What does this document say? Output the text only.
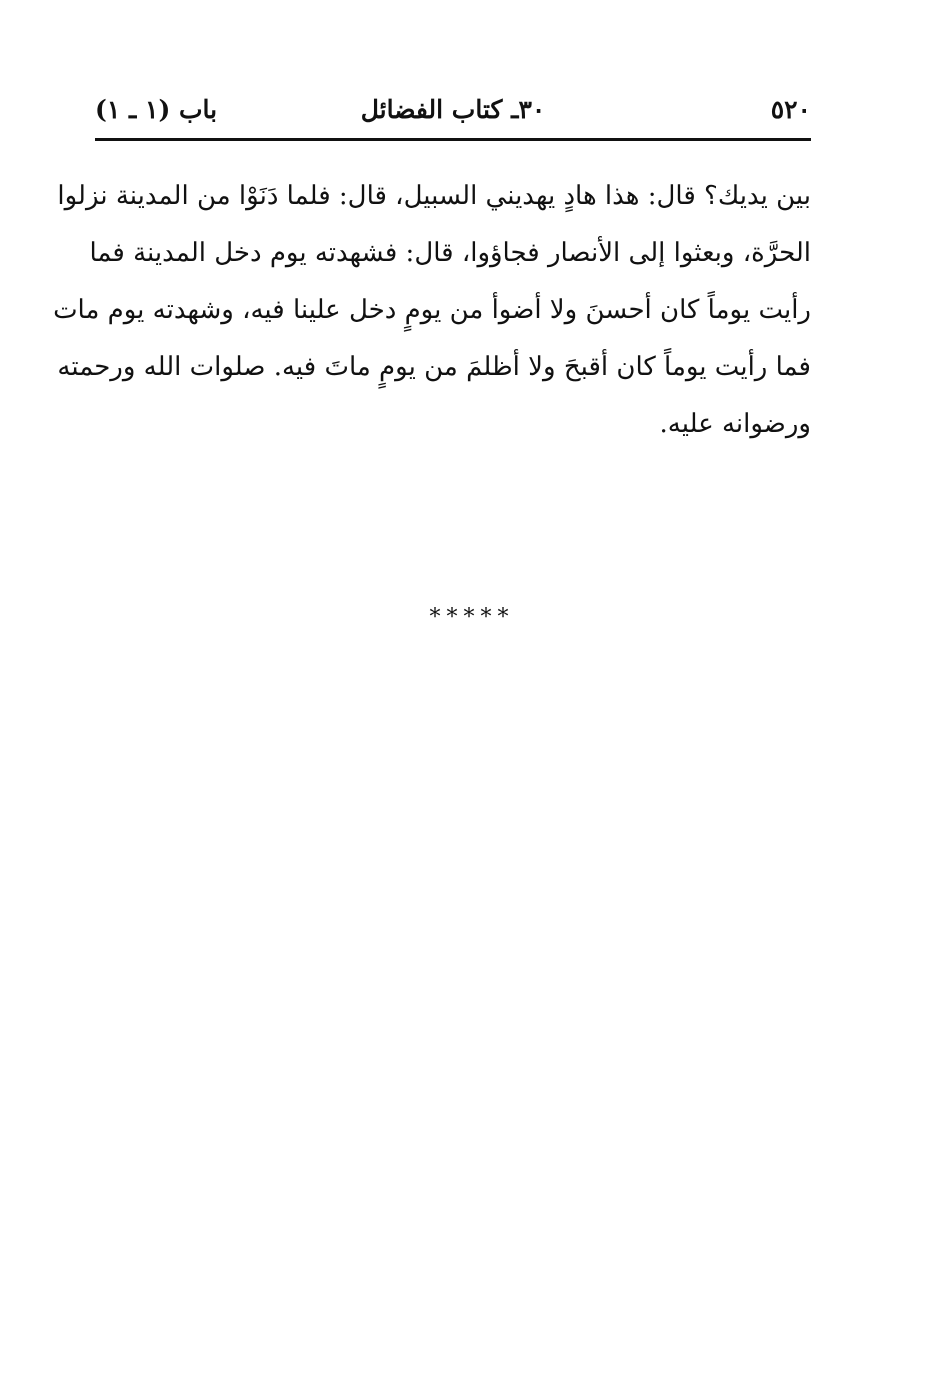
٥٢٠
٣٠ـ كتاب الفضائل
باب (١ ـ ١)
بين يديك؟ قال: هذا هادٍ يهديني السبيل، قال: فلما دَنَوْا من المدينة نزلوا
الحرَّة، وبعثوا إلى الأنصار فجاؤوا، قال: فشهدته يوم دخل المدينة فما
رأيت يوماً كان أحسنَ ولا أضوأ من يومٍ دخل علينا فيه، وشهدته يوم مات
فما رأيت يوماً كان أقبحَ ولا أظلمَ من يومٍ ماتَ فيه. صلوات الله ورحمته
ورضوانه عليه.
*****
